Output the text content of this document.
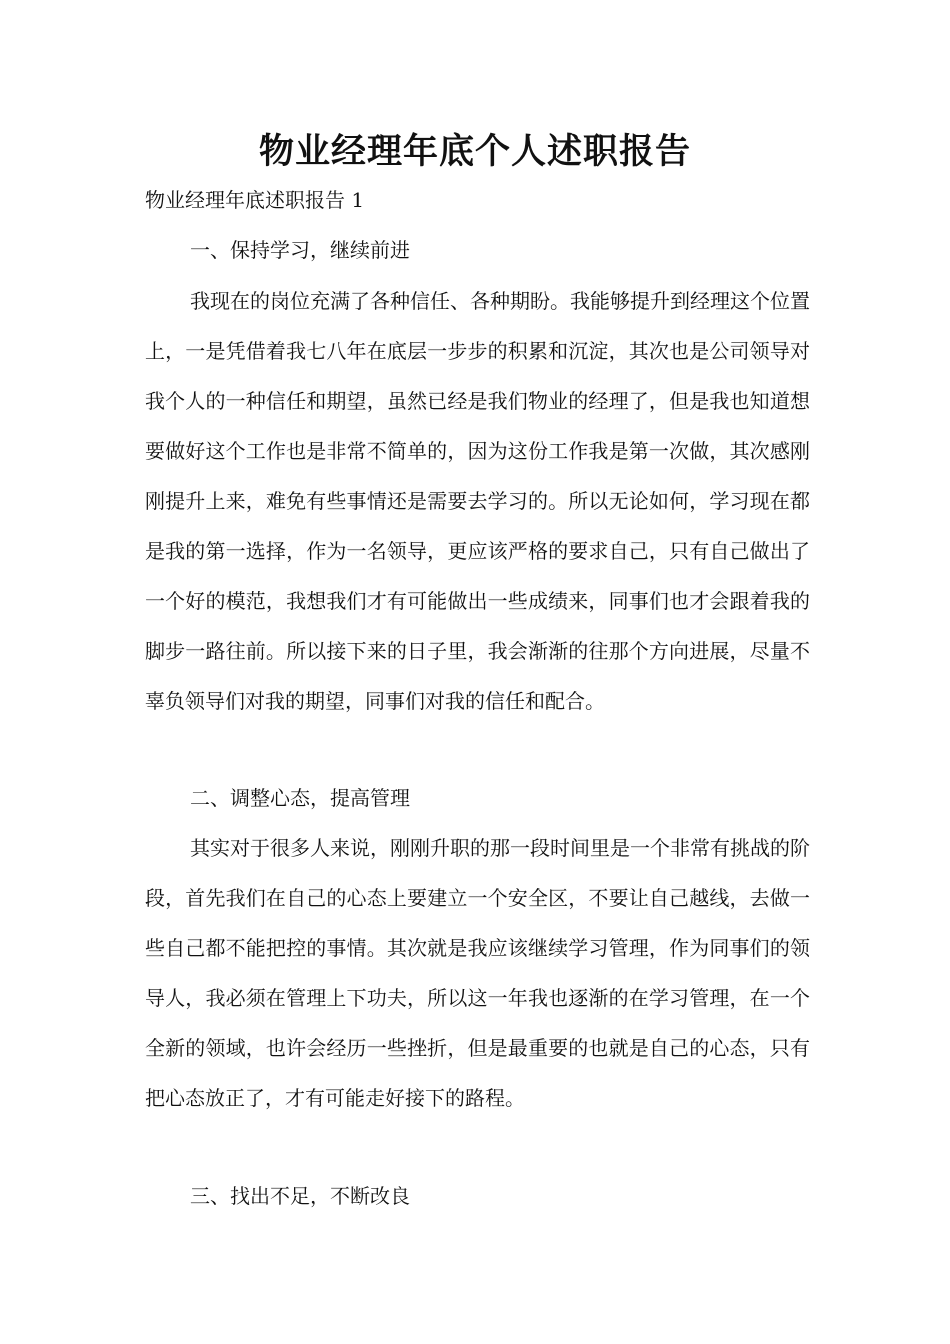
物业经理年底个人述职报告
物业经理年底述职报告 1
一、保持学习，继续前进
我现在的岗位充满了各种信任、各种期盼。我能够提升到经理这个位置上，一是凭借着我七八年在底层一步步的积累和沉淀，其次也是公司领导对我个人的一种信任和期望，虽然已经是我们物业的经理了，但是我也知道想要做好这个工作也是非常不简单的，因为这份工作我是第一次做，其次感刚刚提升上来，难免有些事情还是需要去学习的。所以无论如何，学习现在都是我的第一选择，作为一名领导，更应该严格的要求自己，只有自己做出了一个好的模范，我想我们才有可能做出一些成绩来，同事们也才会跟着我的脚步一路往前。所以接下来的日子里，我会渐渐的往那个方向进展，尽量不辜负领导们对我的期望，同事们对我的信任和配合。
二、调整心态，提高管理
其实对于很多人来说，刚刚升职的那一段时间里是一个非常有挑战的阶段，首先我们在自己的心态上要建立一个安全区，不要让自己越线，去做一些自己都不能把控的事情。其次就是我应该继续学习管理，作为同事们的领导人，我必须在管理上下功夫，所以这一年我也逐渐的在学习管理，在一个全新的领域，也许会经历一些挫折，但是最重要的也就是自己的心态，只有把心态放正了，才有可能走好接下的路程。
三、找出不足，不断改良
